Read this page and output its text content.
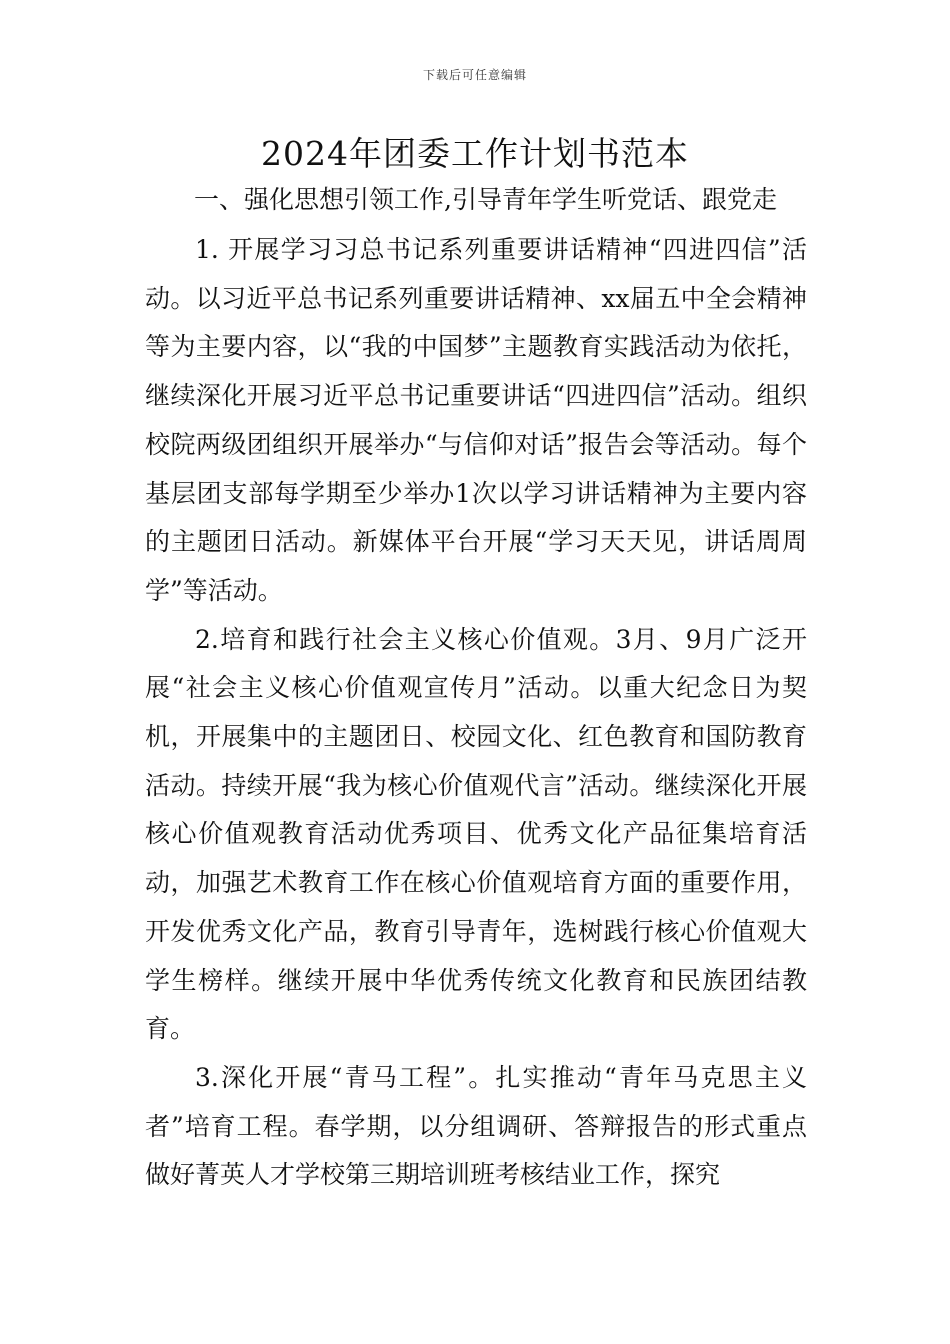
下载后可任意编辑
2024年团委工作计划书范本

一、强化思想引领工作,引导青年学生听党话、跟党走

1. 开展学习习总书记系列重要讲话精神“四进四信”活动。以习近平总书记系列重要讲话精神、xx届五中全会精神等为主要内容，以“我的中国梦”主题教育实践活动为依托，继续深化开展习近平总书记重要讲话“四进四信”活动。组织校院两级团组织开展举办“与信仰对话”报告会等活动。每个基层团支部每学期至少举办1次以学习讲话精神为主要内容的主题团日活动。新媒体平台开展“学习天天见，讲话周周学”等活动。

2.培育和践行社会主义核心价值观。3月、9月广泛开展“社会主义核心价值观宣传月”活动。以重大纪念日为契机，开展集中的主题团日、校园文化、红色教育和国防教育活动。持续开展“我为核心价值观代言”活动。继续深化开展核心价值观教育活动优秀项目、优秀文化产品征集培育活动，加强艺术教育工作在核心价值观培育方面的重要作用，开发优秀文化产品，教育引导青年，选树践行核心价值观大学生榜样。继续开展中华优秀传统文化教育和民族团结教育。

3.深化开展“青马工程”。扎实推动“青年马克思主义者”培育工程。春学期，以分组调研、答辩报告的形式重点做好菁英人才学校第三期培训班考核结业工作，探究
